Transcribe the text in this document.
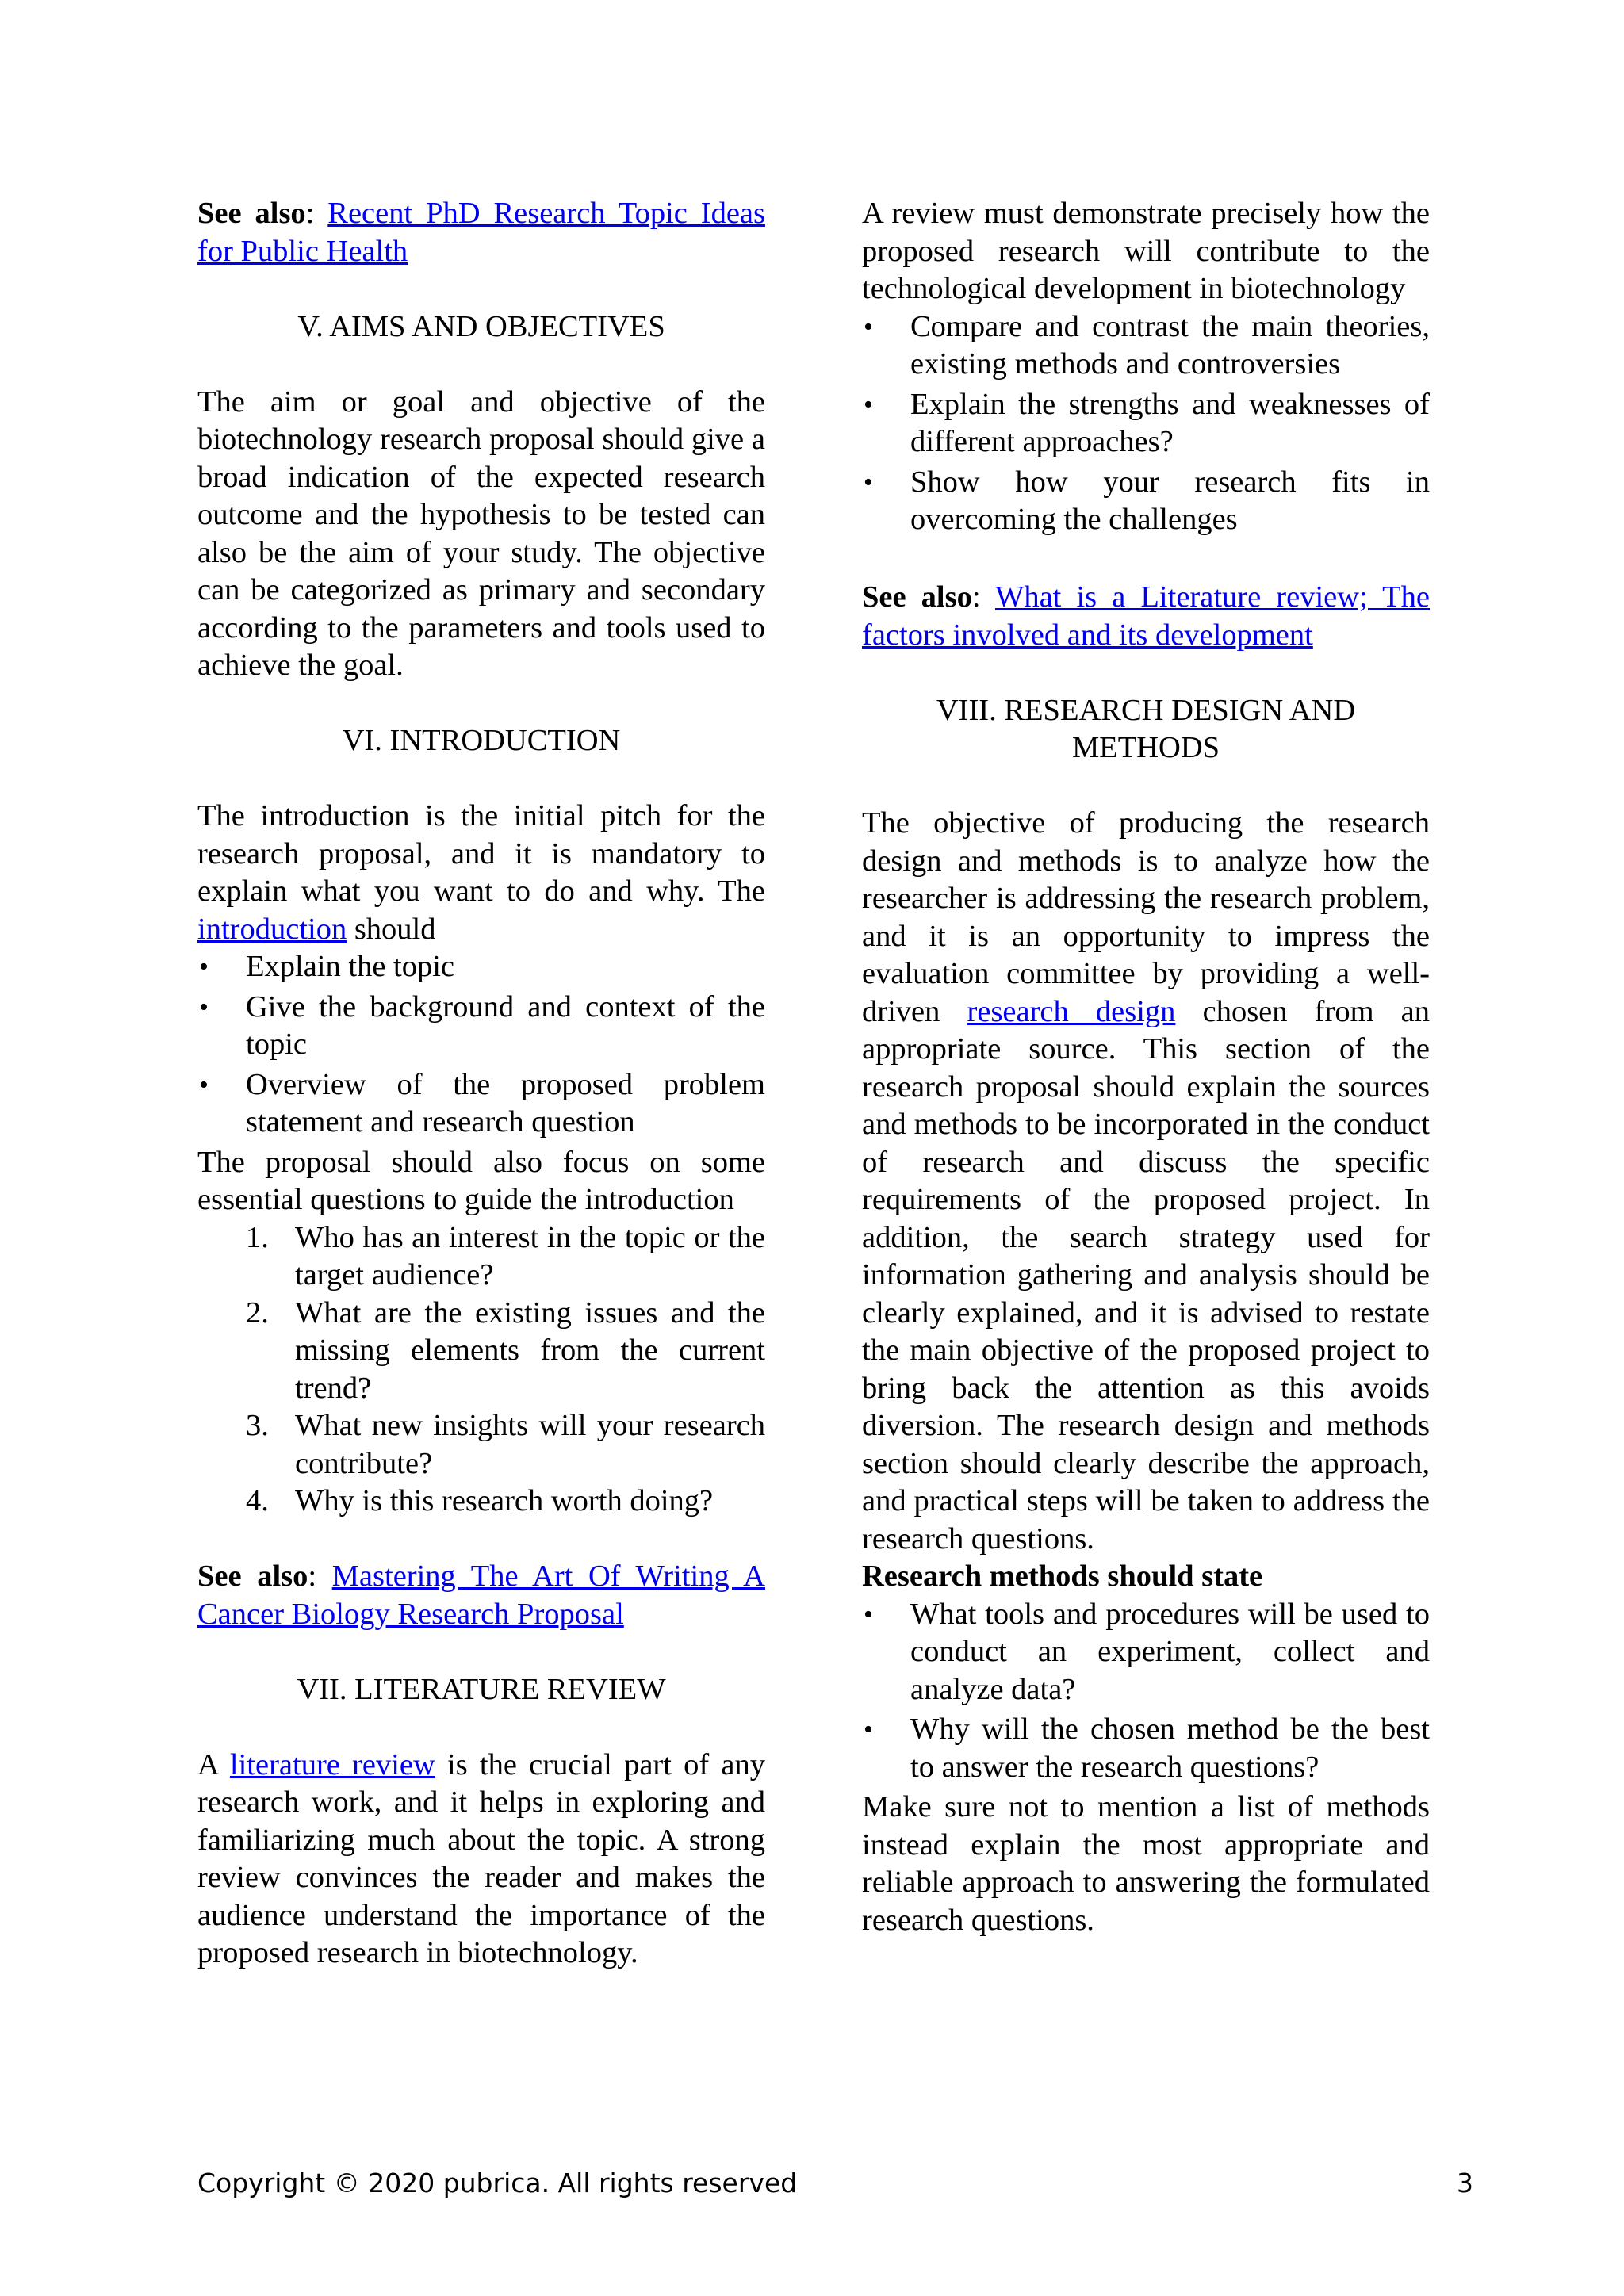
See also: Recent PhD Research Topic Ideas for Public Health

V. AIMS AND OBJECTIVES

The aim or goal and objective of the biotechnology research proposal should give a broad indication of the expected research outcome and the hypothesis to be tested can also be the aim of your study. The objective can be categorized as primary and secondary according to the parameters and tools used to achieve the goal.

VI. INTRODUCTION

The introduction is the initial pitch for the research proposal, and it is mandatory to explain what you want to do and why. The introduction should

• Explain the topic
• Give the background and context of the topic
• Overview of the proposed problem statement and research question

The proposal should also focus on some essential questions to guide the introduction

1. Who has an interest in the topic or the target audience?
2. What are the existing issues and the missing elements from the current trend?
3. What new insights will your research contribute?
4. Why is this research worth doing?

See also: Mastering The Art Of Writing A Cancer Biology Research Proposal

VII. LITERATURE REVIEW

A literature review is the crucial part of any research work, and it helps in exploring and familiarizing much about the topic. A strong review convinces the reader and makes the audience understand the importance of the proposed research in biotechnology.

A review must demonstrate precisely how the proposed research will contribute to the technological development in biotechnology

• Compare and contrast the main theories, existing methods and controversies
• Explain the strengths and weaknesses of different approaches?
• Show how your research fits in overcoming the challenges

See also: What is a Literature review; The factors involved and its development

VIII. RESEARCH DESIGN AND
METHODS

The objective of producing the research design and methods is to analyze how the researcher is addressing the research problem, and it is an opportunity to impress the evaluation committee by providing a well-driven research design chosen from an appropriate source. This section of the research proposal should explain the sources and methods to be incorporated in the conduct of research and discuss the specific requirements of the proposed project. In addition, the search strategy used for information gathering and analysis should be clearly explained, and it is advised to restate the main objective of the proposed project to bring back the attention as this avoids diversion. The research design and methods section should clearly describe the approach, and practical steps will be taken to address the research questions.

Research methods should state

• What tools and procedures will be used to conduct an experiment, collect and analyze data?
• Why will the chosen method be the best to answer the research questions?

Make sure not to mention a list of methods instead explain the most appropriate and reliable approach to answering the formulated research questions.

Copyright © 2020 pubrica. All rights reserved	3
